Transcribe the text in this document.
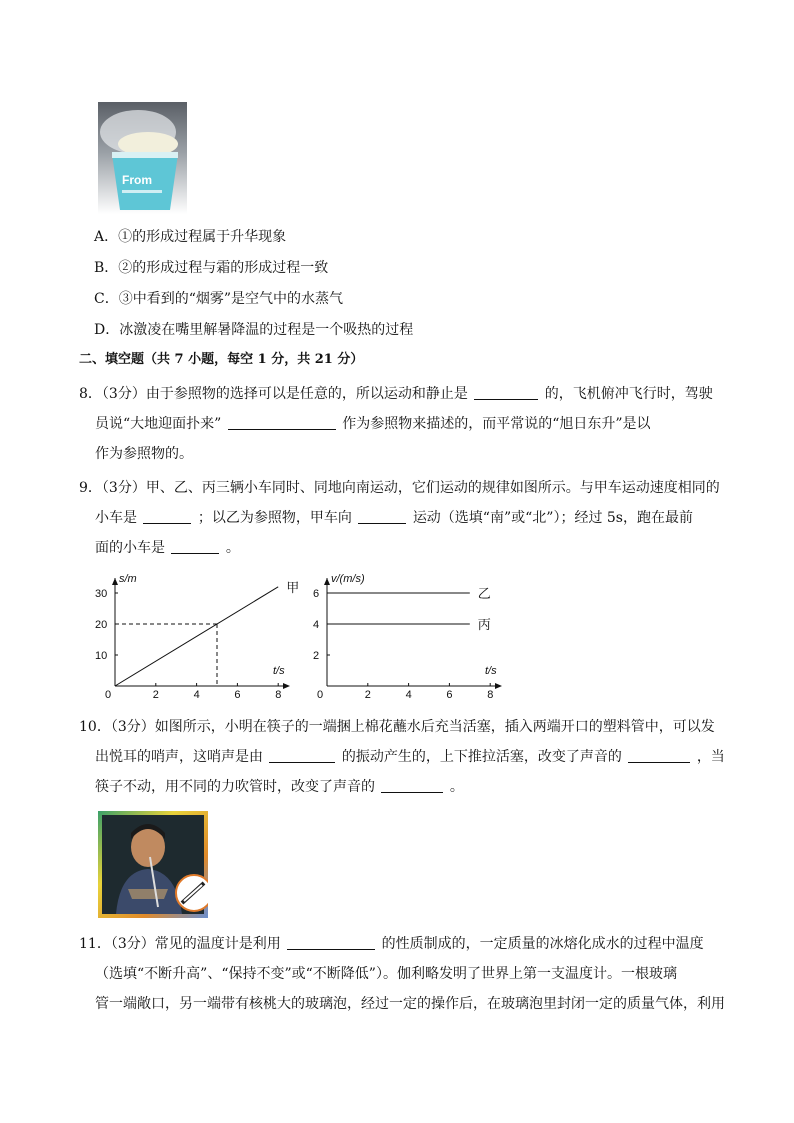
From
A．①的形成过程属于升华现象
B．②的形成过程与霜的形成过程一致
C．③中看到的“烟雾”是空气中的水蒸气
D．冰激凌在嘴里解暑降温的过程是一个吸热的过程
二、填空题（共 7 小题，每空 1 分，共 21 分）
8．（3分）由于参照物的选择可以是任意的，所以运动和静止是	的，飞机俯冲飞行时，驾驶
员说“大地迎面扑来”	作为参照物来描述的，而平常说的“旭日东升”是以
作为参照物的。
9．（3分）甲、乙、丙三辆小车同时、同地向南运动，它们运动的规律如图所示。与甲车运动速度相同的
小车是	；以乙为参照物，甲车向	运动（选填“南”或“北”）；经过 5s，跑在最前
面的小车是	。
0	2	4	6	8
10
20
30
s/m
t/s
甲
0	2	4	6	8
2
4
6
v/(m/s)
t/s
乙
丙
10．（3分）如图所示，小明在筷子的一端捆上棉花蘸水后充当活塞，插入两端开口的塑料管中，可以发
出悦耳的哨声，这哨声是由	的振动产生的，上下推拉活塞，改变了声音的	，当
筷子不动，用不同的力吹管时，改变了声音的	。
11．（3分）常见的温度计是利用	的性质制成的，一定质量的冰熔化成水的过程中温度
（选填“不断升高”、“保持不变”或“不断降低”）。伽利略发明了世界上第一支温度计。一根玻璃
管一端敞口，另一端带有核桃大的玻璃泡，经过一定的操作后，在玻璃泡里封闭一定的质量气体，利用
